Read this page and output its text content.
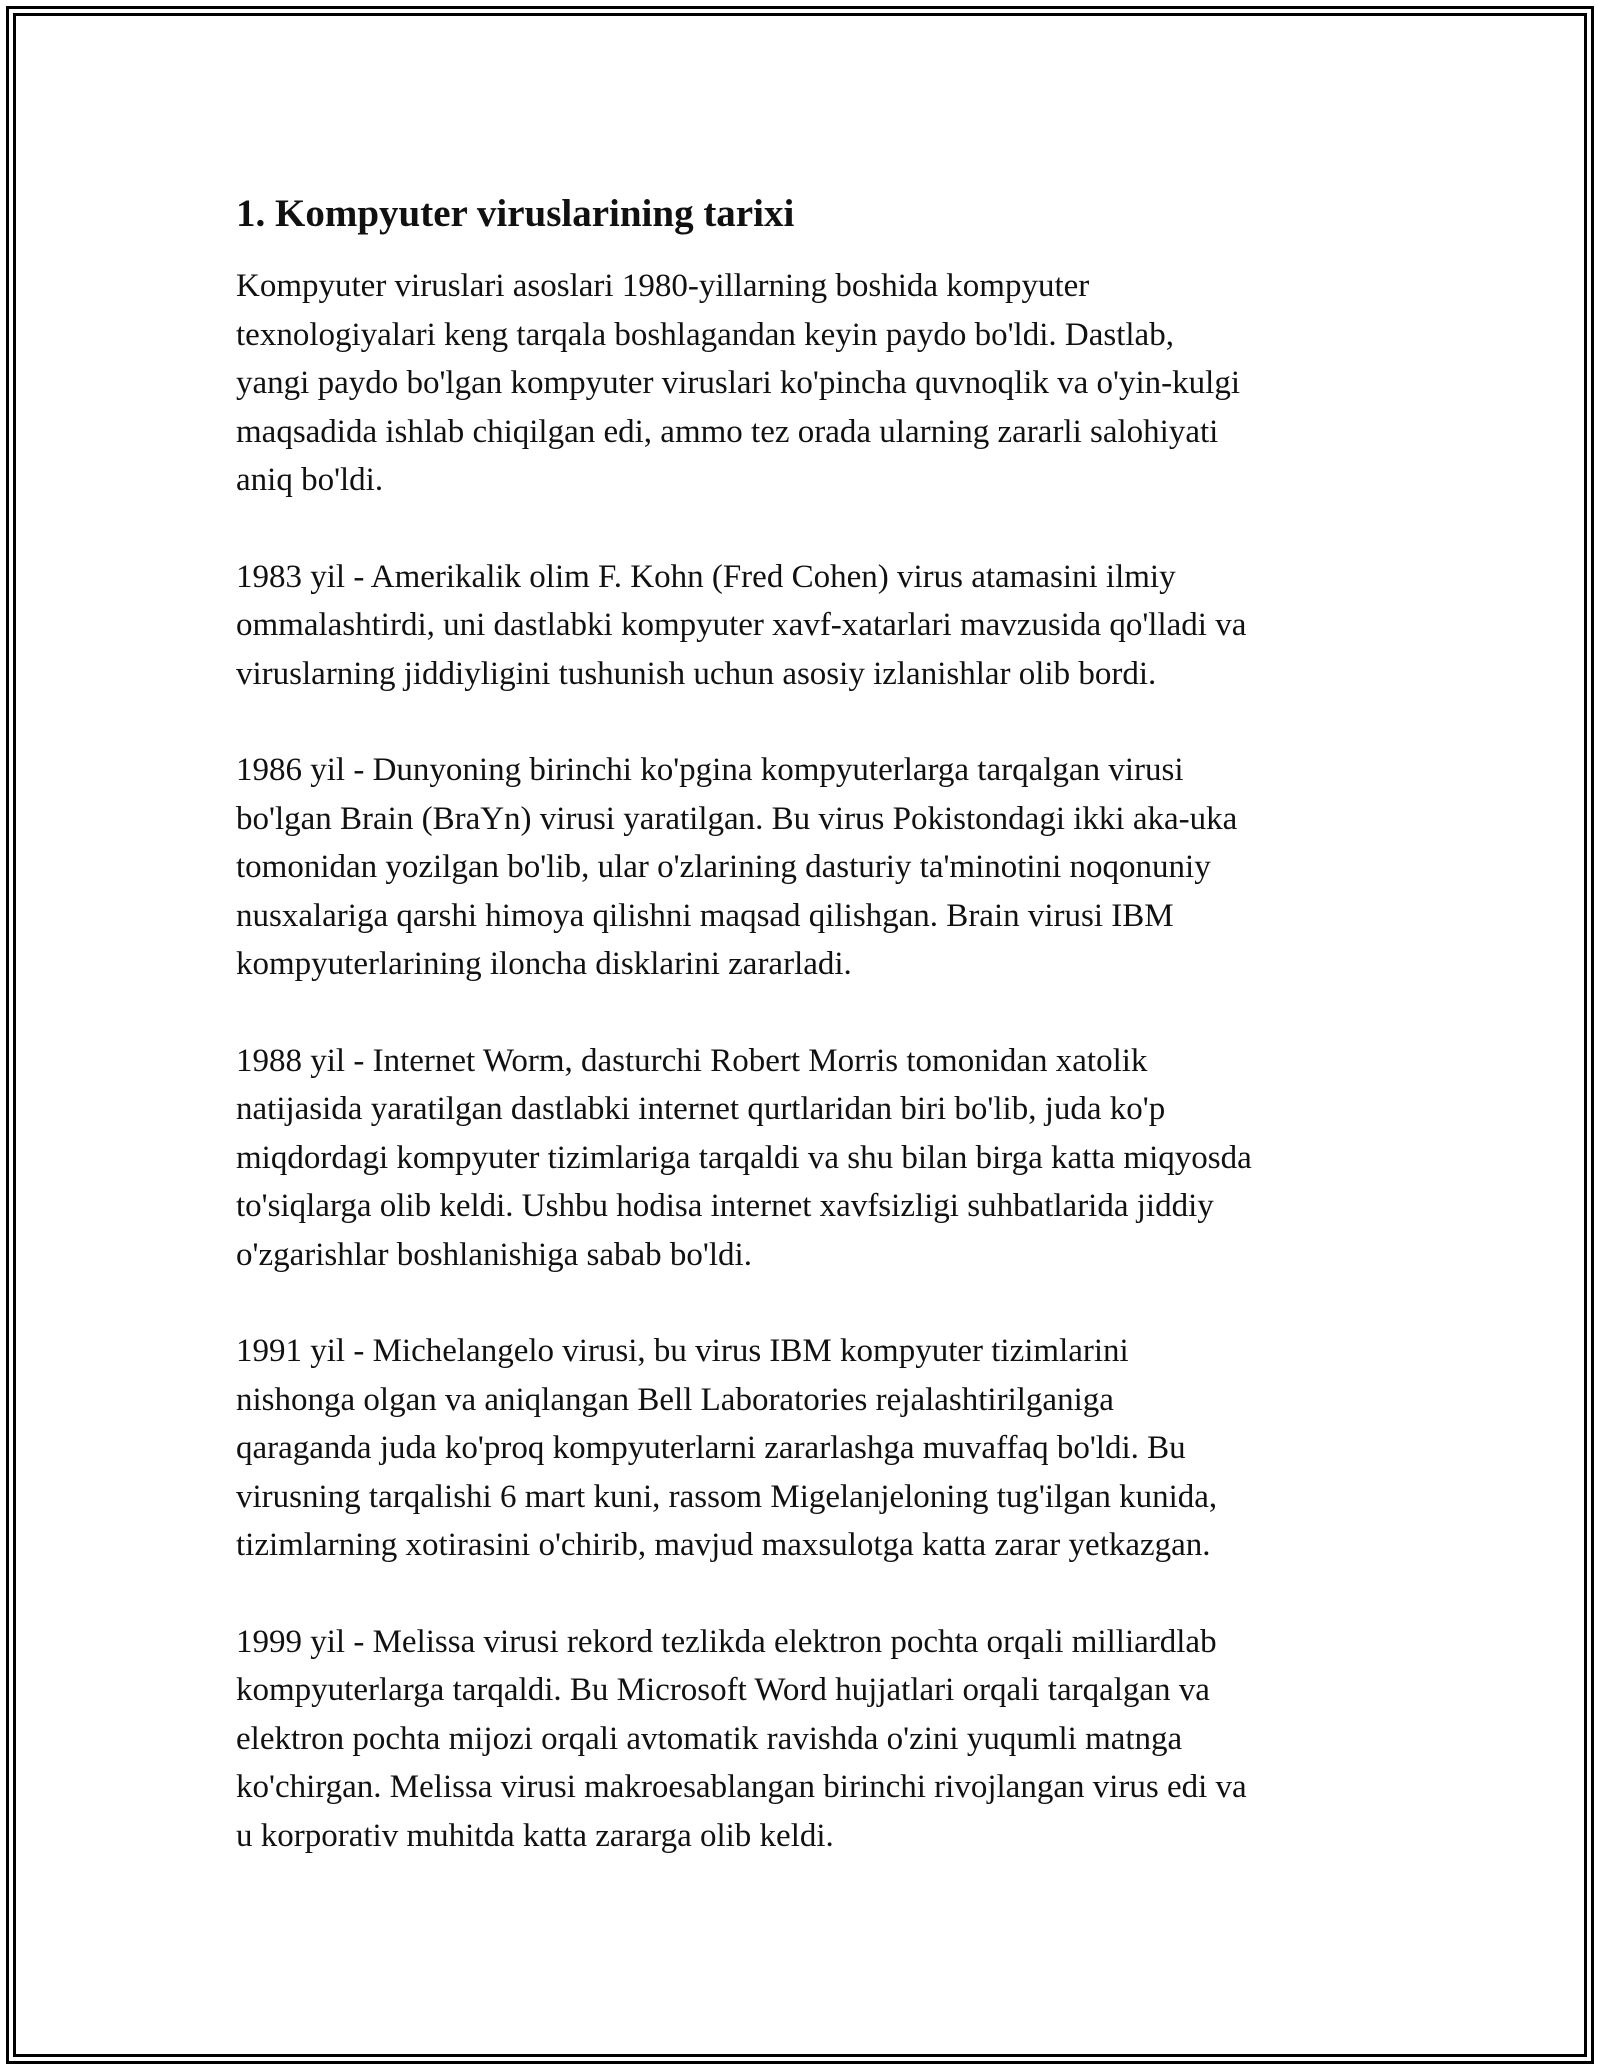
1. Kompyuter viruslarining tarixi
Kompyuter viruslari asoslari 1980-yillarning boshida kompyuter
texnologiyalari keng tarqala boshlagandan keyin paydo bo'ldi. Dastlab,
yangi paydo bo'lgan kompyuter viruslari ko'pincha quvnoqlik va o'yin-kulgi
maqsadida ishlab chiqilgan edi, ammo tez orada ularning zararli salohiyati
aniq bo'ldi.
1983 yil - Amerikalik olim F. Kohn (Fred Cohen) virus atamasini ilmiy
ommalashtirdi, uni dastlabki kompyuter xavf-xatarlari mavzusida qo'lladi va
viruslarning jiddiyligini tushunish uchun asosiy izlanishlar olib bordi.
1986 yil - Dunyoning birinchi ko'pgina kompyuterlarga tarqalgan virusi
bo'lgan Brain (BraYn) virusi yaratilgan. Bu virus Pokistondagi ikki aka-uka
tomonidan yozilgan bo'lib, ular o'zlarining dasturiy ta'minotini noqonuniy
nusxalariga qarshi himoya qilishni maqsad qilishgan. Brain virusi IBM
kompyuterlarining iloncha disklarini zararladi.
1988 yil - Internet Worm, dasturchi Robert Morris tomonidan xatolik
natijasida yaratilgan dastlabki internet qurtlaridan biri bo'lib, juda ko'p
miqdordagi kompyuter tizimlariga tarqaldi va shu bilan birga katta miqyosda
to'siqlarga olib keldi. Ushbu hodisa internet xavfsizligi suhbatlarida jiddiy
o'zgarishlar boshlanishiga sabab bo'ldi.
1991 yil - Michelangelo virusi, bu virus IBM kompyuter tizimlarini
nishonga olgan va aniqlangan Bell Laboratories rejalashtirilganiga
qaraganda juda ko'proq kompyuterlarni zararlashga muvaffaq bo'ldi. Bu
virusning tarqalishi 6 mart kuni, rassom Migelanjeloning tug'ilgan kunida,
tizimlarning xotirasini o'chirib, mavjud maxsulotga katta zarar yetkazgan.
1999 yil - Melissa virusi rekord tezlikda elektron pochta orqali milliardlab
kompyuterlarga tarqaldi. Bu Microsoft Word hujjatlari orqali tarqalgan va
elektron pochta mijozi orqali avtomatik ravishda o'zini yuqumli matnga
ko'chirgan. Melissa virusi makroesablangan birinchi rivojlangan virus edi va
u korporativ muhitda katta zararga olib keldi.
